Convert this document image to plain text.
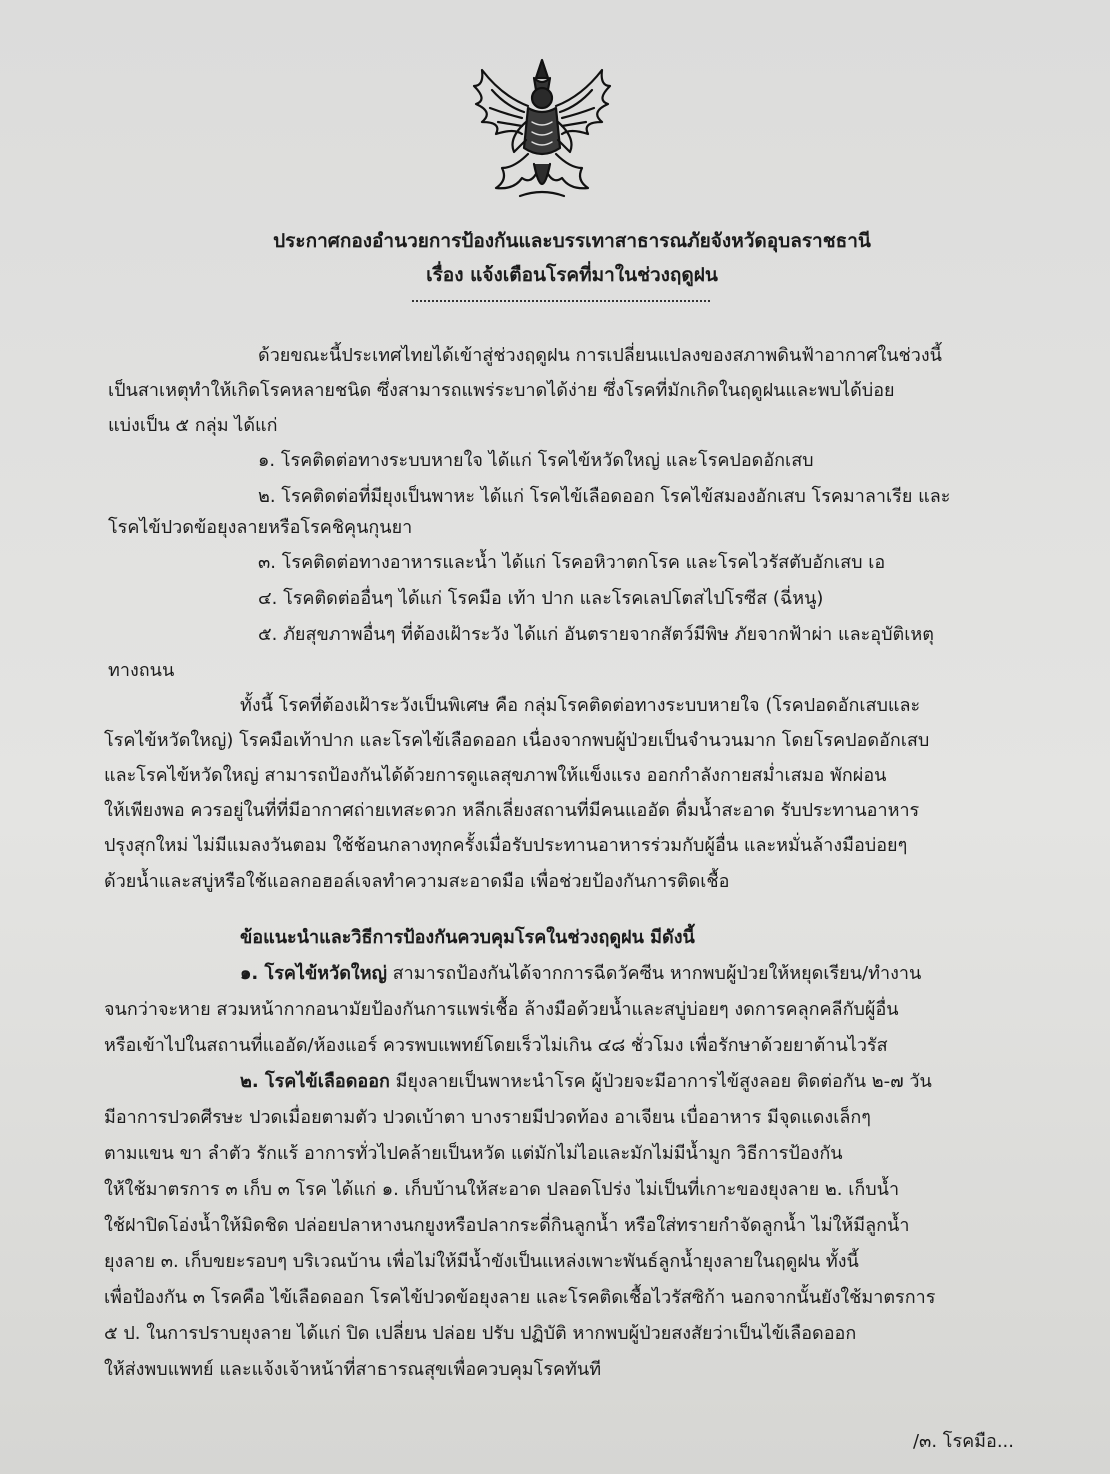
ประกาศกองอำนวยการป้องกันและบรรเทาสาธารณภัยจังหวัดอุบลราชธานี
เรื่อง แจ้งเตือนโรคที่มาในช่วงฤดูฝน
ด้วยขณะนี้ประเทศไทยได้เข้าสู่ช่วงฤดูฝน การเปลี่ยนแปลงของสภาพดินฟ้าอากาศในช่วงนี้
เป็นสาเหตุทำให้เกิดโรคหลายชนิด ซึ่งสามารถแพร่ระบาดได้ง่าย ซึ่งโรคที่มักเกิดในฤดูฝนและพบได้บ่อย
แบ่งเป็น ๕ กลุ่ม ได้แก่
๑. โรคติดต่อทางระบบหายใจ ได้แก่ โรคไข้หวัดใหญ่ และโรคปอดอักเสบ
๒. โรคติดต่อที่มียุงเป็นพาหะ ได้แก่ โรคไข้เลือดออก โรคไข้สมองอักเสบ โรคมาลาเรีย และ
โรคไข้ปวดข้อยุงลายหรือโรคชิคุนกุนยา
๓. โรคติดต่อทางอาหารและน้ำ ได้แก่ โรคอหิวาตกโรค และโรคไวรัสตับอักเสบ เอ
๔. โรคติดต่ออื่นๆ ได้แก่ โรคมือ เท้า ปาก และโรคเลปโตสไปโรซีส (ฉี่หนู)
๕. ภัยสุขภาพอื่นๆ ที่ต้องเฝ้าระวัง ได้แก่ อันตรายจากสัตว์มีพิษ ภัยจากฟ้าผ่า และอุบัติเหตุ
ทางถนน
ทั้งนี้ โรคที่ต้องเฝ้าระวังเป็นพิเศษ คือ กลุ่มโรคติดต่อทางระบบหายใจ (โรคปอดอักเสบและ
โรคไข้หวัดใหญ่) โรคมือเท้าปาก และโรคไข้เลือดออก เนื่องจากพบผู้ป่วยเป็นจำนวนมาก โดยโรคปอดอักเสบ
และโรคไข้หวัดใหญ่ สามารถป้องกันได้ด้วยการดูแลสุขภาพให้แข็งแรง ออกกำลังกายสม่ำเสมอ พักผ่อน
ให้เพียงพอ ควรอยู่ในที่ที่มีอากาศถ่ายเทสะดวก หลีกเลี่ยงสถานที่มีคนแออัด ดื่มน้ำสะอาด รับประทานอาหาร
ปรุงสุกใหม่ ไม่มีแมลงวันตอม ใช้ช้อนกลางทุกครั้งเมื่อรับประทานอาหารร่วมกับผู้อื่น และหมั่นล้างมือบ่อยๆ
ด้วยน้ำและสบู่หรือใช้แอลกอฮอล์เจลทำความสะอาดมือ เพื่อช่วยป้องกันการติดเชื้อ
ข้อแนะนำและวิธีการป้องกันควบคุมโรคในช่วงฤดูฝน มีดังนี้
๑. โรคไข้หวัดใหญ่ สามารถป้องกันได้จากการฉีดวัคซีน หากพบผู้ป่วยให้หยุดเรียน/ทำงาน
จนกว่าจะหาย สวมหน้ากากอนามัยป้องกันการแพร่เชื้อ ล้างมือด้วยน้ำและสบู่บ่อยๆ งดการคลุกคลีกับผู้อื่น
หรือเข้าไปในสถานที่แออัด/ห้องแอร์ ควรพบแพทย์โดยเร็วไม่เกิน ๔๘ ชั่วโมง เพื่อรักษาด้วยยาต้านไวรัส
๒. โรคไข้เลือดออก มียุงลายเป็นพาหะนำโรค ผู้ป่วยจะมีอาการไข้สูงลอย ติดต่อกัน ๒-๗ วัน
มีอาการปวดศีรษะ ปวดเมื่อยตามตัว ปวดเบ้าตา บางรายมีปวดท้อง อาเจียน เบื่ออาหาร มีจุดแดงเล็กๆ
ตามแขน ขา ลำตัว รักแร้ อาการทั่วไปคล้ายเป็นหวัด แต่มักไม่ไอและมักไม่มีน้ำมูก วิธีการป้องกัน
ให้ใช้มาตรการ ๓ เก็บ ๓ โรค ได้แก่ ๑. เก็บบ้านให้สะอาด ปลอดโปร่ง ไม่เป็นที่เกาะของยุงลาย ๒. เก็บน้ำ
ใช้ฝาปิดโอ่งน้ำให้มิดชิด ปล่อยปลาหางนกยูงหรือปลากระดี่กินลูกน้ำ หรือใส่ทรายกำจัดลูกน้ำ ไม่ให้มีลูกน้ำ
ยุงลาย ๓. เก็บขยะรอบๆ บริเวณบ้าน เพื่อไม่ให้มีน้ำขังเป็นแหล่งเพาะพันธ์ลูกน้ำยุงลายในฤดูฝน ทั้งนี้
เพื่อป้องกัน ๓ โรคคือ ไข้เลือดออก โรคไข้ปวดข้อยุงลาย และโรคติดเชื้อไวรัสซิก้า นอกจากนั้นยังใช้มาตรการ
๕ ป. ในการปราบยุงลาย ได้แก่ ปิด เปลี่ยน ปล่อย ปรับ ปฏิบัติ หากพบผู้ป่วยสงสัยว่าเป็นไข้เลือดออก
ให้ส่งพบแพทย์ และแจ้งเจ้าหน้าที่สาธารณสุขเพื่อควบคุมโรคทันที
/๓. โรคมือ...
